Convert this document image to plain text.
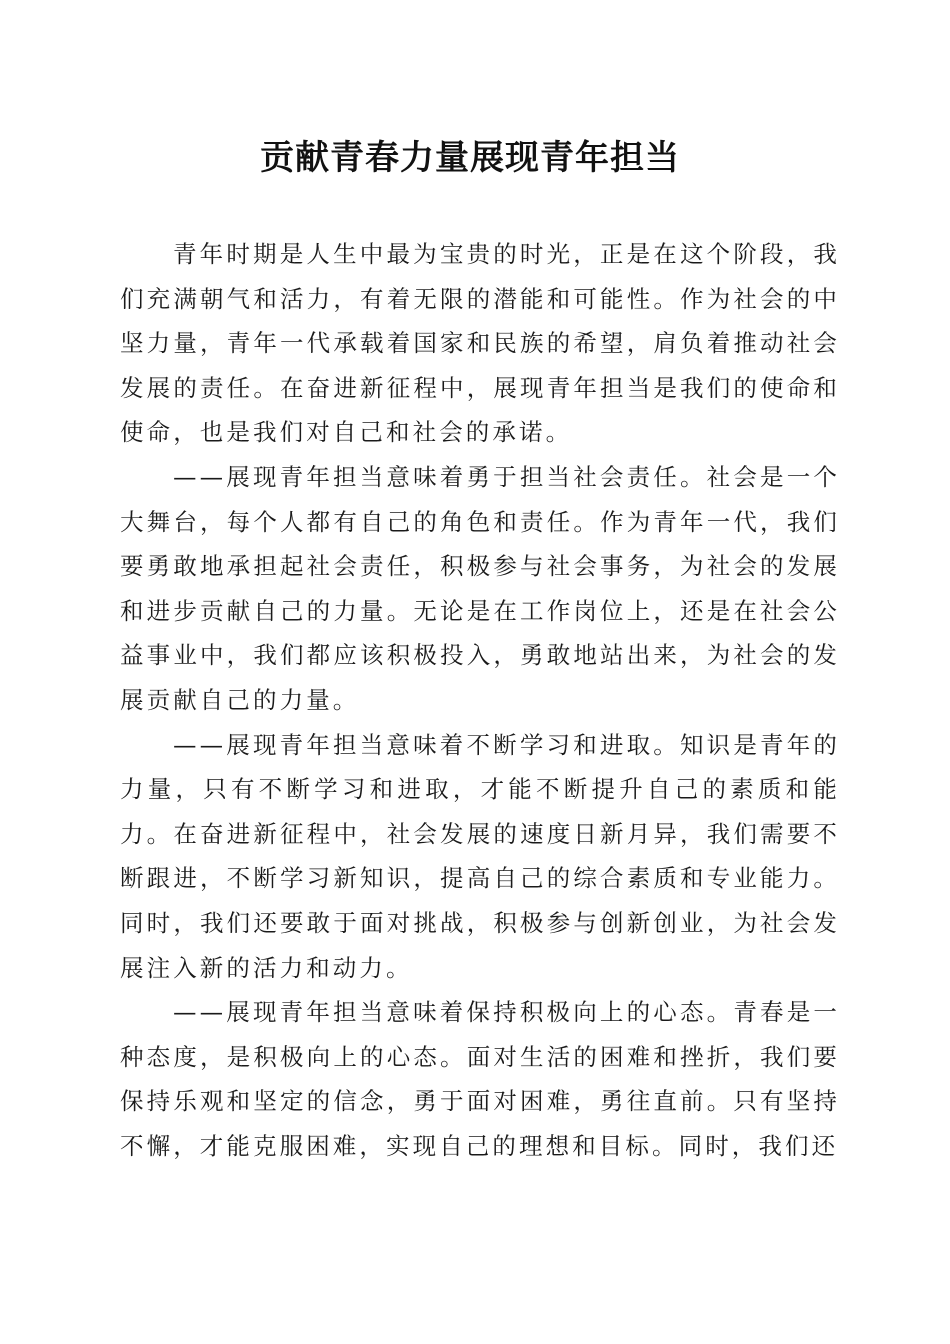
贡献青春力量展现青年担当

青年时期是人生中最为宝贵的时光，正是在这个阶段，我们充满朝气和活力，有着无限的潜能和可能性。作为社会的中坚力量，青年一代承载着国家和民族的希望，肩负着推动社会发展的责任。在奋进新征程中，展现青年担当是我们的使命和使命，也是我们对自己和社会的承诺。

——展现青年担当意味着勇于担当社会责任。社会是一个大舞台，每个人都有自己的角色和责任。作为青年一代，我们要勇敢地承担起社会责任，积极参与社会事务，为社会的发展和进步贡献自己的力量。无论是在工作岗位上，还是在社会公益事业中，我们都应该积极投入，勇敢地站出来，为社会的发展贡献自己的力量。

——展现青年担当意味着不断学习和进取。知识是青年的力量，只有不断学习和进取，才能不断提升自己的素质和能力。在奋进新征程中，社会发展的速度日新月异，我们需要不断跟进，不断学习新知识，提高自己的综合素质和专业能力。同时，我们还要敢于面对挑战，积极参与创新创业，为社会发展注入新的活力和动力。

——展现青年担当意味着保持积极向上的心态。青春是一种态度，是积极向上的心态。面对生活的困难和挫折，我们要保持乐观和坚定的信念，勇于面对困难，勇往直前。只有坚持不懈，才能克服困难，实现自己的理想和目标。同时，我们还
